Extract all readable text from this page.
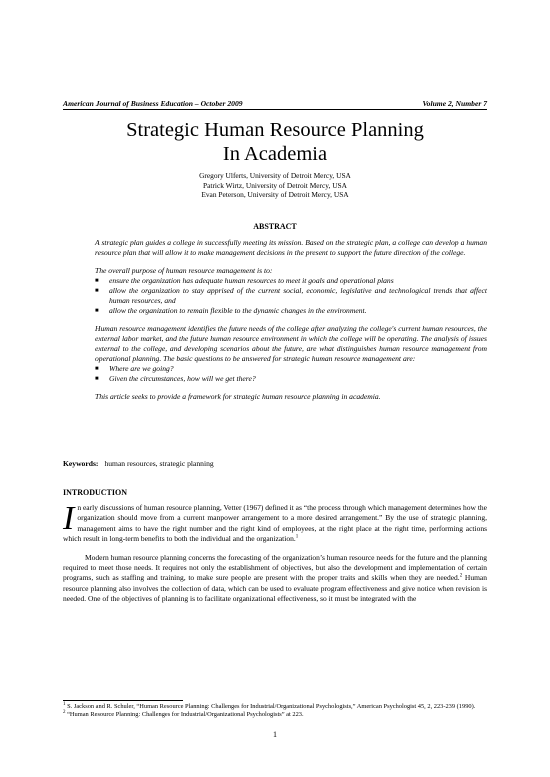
American Journal of Business Education – October 2009	Volume 2, Number 7
Strategic Human Resource Planning
In Academia
Gregory Ulferts, University of Detroit Mercy, USA
Patrick Wirtz, University of Detroit Mercy, USA
Evan Peterson, University of Detroit Mercy, USA
ABSTRACT

A strategic plan guides a college in successfully meeting its mission. Based on the strategic plan, a college can develop a human resource plan that will allow it to make management decisions in the present to support the future direction of the college.

The overall purpose of human resource management is to:

■ ensure the organization has adequate human resources to meet it goals and operational plans
■ allow the organization to stay apprised of the current social, economic, legislative and technological trends that affect human resources, and
■ allow the organization to remain flexible to the dynamic changes in the environment.

Human resource management identifies the future needs of the college after analyzing the college's current human resources, the external labor market, and the future human resource environment in which the college will be operating. The analysis of issues external to the college, and developing scenarios about the future, are what distinguishes human resource management from operational planning. The basic questions to be answered for strategic human resource management are:

■ Where are we going?
■ Given the circumstances, how will we get there?

This article seeks to provide a framework for strategic human resource planning in academia.

Keywords: human resources, strategic planning
INTRODUCTION

In early discussions of human resource planning, Vetter (1967) defined it as “the process through which management determines how the organization should move from a current manpower arrangement to a more desired arrangement.” By the use of strategic planning, management aims to have the right number and the right kind of employees, at the right place at the right time, performing actions which result in long-term benefits to both the individual and the organization.$^1$

Modern human resource planning concerns the forecasting of the organization’s human resource needs for the future and the planning required to meet those needs. It requires not only the establishment of objectives, but also the development and implementation of certain programs, such as staffing and training, to make sure people are present with the proper traits and skills when they are needed.$^2$ Human resource planning also involves the collection of data, which can be used to evaluate program effectiveness and give notice when revision is needed. One of the objectives of planning is to facilitate organizational effectiveness, so it must be integrated with the

$^1$ S. Jackson and R. Schuler, “Human Resource Planning: Challenges for Industrial/Organizational Psychologists,” American Psychologist 45, 2, 223-239 (1990).
$^2$ “Human Resource Planning: Challenges for Industrial/Organizational Psychologists” at 223.
1
